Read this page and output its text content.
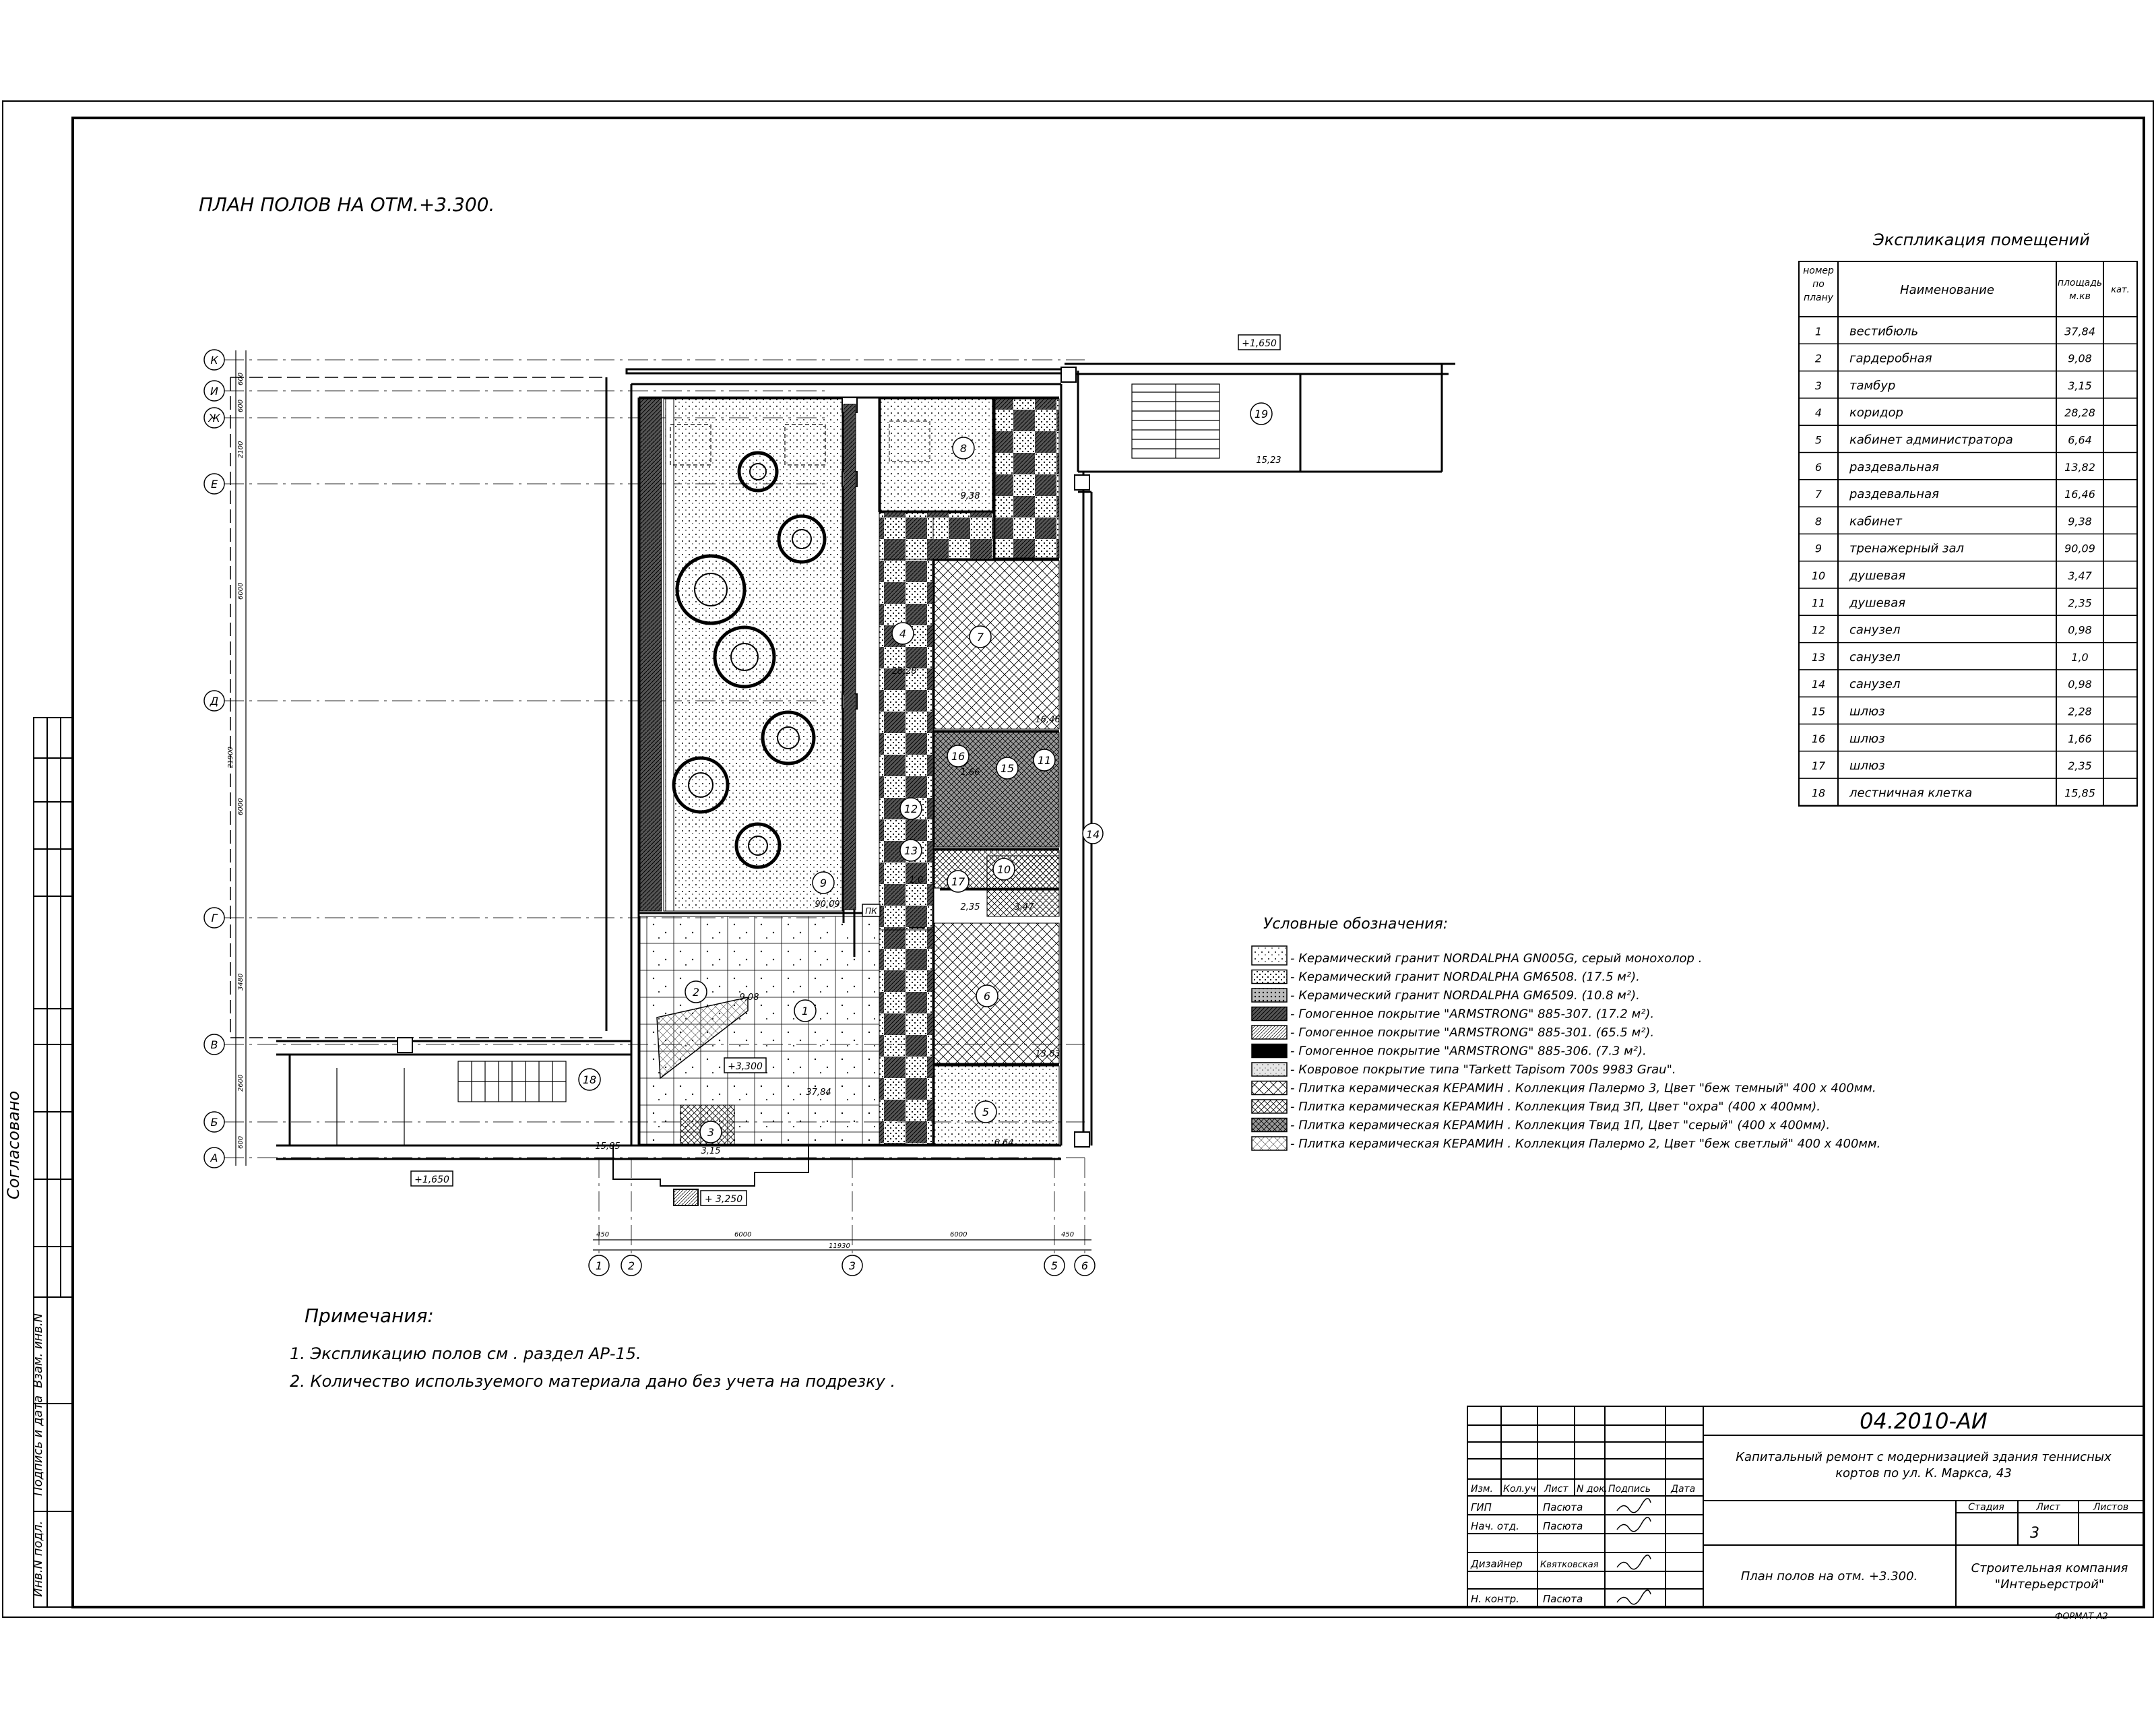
Согласовано
Взам. инв.N
Подпись и дата
Инв.N подл.
ПЛАН ПОЛОВ НА ОТМ.+3.300.
Экспликация помещений
1 вестибюль	37,84
2 гардеробная	9,08
3 тамбур	3,15
4 коридор	28,28
5 кабинет администратора	6,64
6 раздевальная	13,82
7 раздевальная	16,46
8 кабинет	9,38
9 тренажерный зал	90,09
10 душевая	3,47
11 душевая	2,35
12 санузел	0,98
13 санузел	1,0
14 санузел	0,98
15 шлюз	2,28
16 шлюз	1,66
17 шлюз	2,35
18 лестничная клетка	15,85
номер
по
плану
Наименование	площадь
м.кв
кат.
К
И
Ж
Е
Д
Г
В
Б
А
1 2	3	5 6
14
450	6000	6000	450
11930
600
600
2100
6000
6000
3480
2600
600
21900
+1,650
+1,650
+ 3,250
+3,300
ПК
1
37,84
2	9,08
3
3,15
4
28,28
5
6,64
6
13,83
7
16,46
8
9,38
9
90,09
10
3,47
11
12
13
1,0
15
16
1,66
17
2,35
18
15,85
19
15,23
Условные обозначения:
- Керамический гранит NORDALPHA GN005G, серый монохолор .
- Керамический гранит NORDALPHA GM6508. (17.5 м²).
- Керамический гранит NORDALPHA GM6509. (10.8 м²).
- Гомогенное покрытие "ARMSTRONG" 885-307. (17.2 м²).
- Гомогенное покрытие "ARMSTRONG" 885-301. (65.5 м²).
- Гомогенное покрытие "ARMSTRONG" 885-306. (7.3 м²).
- Ковровое покрытие типа "Tarkett Tapisom 700s 9983 Grau".
- Плитка керамическая КЕРАМИН . Коллекция Палермо 3, Цвет "беж темный" 400 х 400мм.
- Плитка керамическая КЕРАМИН . Коллекция Твид 3П, Цвет "охра" (400 х 400мм).
- Плитка керамическая КЕРАМИН . Коллекция Твид 1П, Цвет "серый" (400 х 400мм).
- Плитка керамическая КЕРАМИН . Коллекция Палермо 2, Цвет "беж светлый" 400 х 400мм.
Примечания:
1. Экспликацию полов см . раздел АР-15.
2. Количество используемого материала дано без учета на подрезку .
04.2010-АИ
Капитальный ремонт с модернизацией здания теннисных
кортов по ул. К. Маркса, 43
Изм. Кол.уч Лист N док. Подпись Дата
ГИП	Пасюта
Нач. отд. Пасюта
Дизайнер Квятковская
Н. контр. Пасюта
Стадия	Лист	Листов
3
План полов на отм. +3.300.
Строительная компания
"Интерьерстрой"
ФОРМАТ А2
